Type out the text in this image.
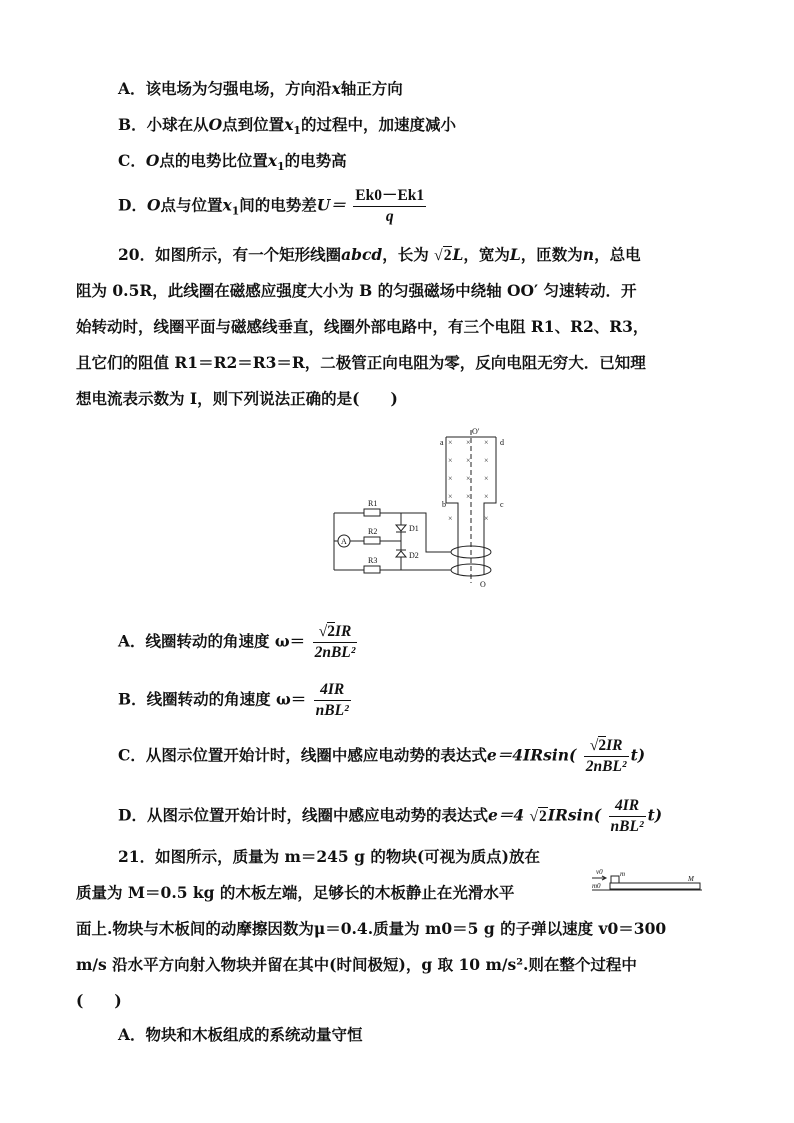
A．该电场为匀强电场，方向沿x轴正方向
B．小球在从O点到位置$x_1$的过程中，加速度减小
C．O点的电势比位置$x_1$的电势高
D．O点与位置$x_1$间的电势差$U= \frac{Ek0-Ek1}{q}$
20．如图所示，有一个矩形线圈abcd，长为 √2L，宽为L，匝数为n，总电
阻为 0.5R，此线圈在磁感应强度大小为 B 的匀强磁场中绕轴 OO′ 匀速转动．开
始转动时，线圈平面与磁感线垂直，线圈外部电路中，有三个电阻 R1、R2、R3，
且它们的阻值 R1＝R2＝R3＝R，二极管正向电阻为零，反向电阻无穷大．已知理
想电流表示数为 I，则下列说法正确的是(　　)
O′
O
a
b	c
d
R1
R2
R3
D1
D2
A
× × ×
× × ×
× × ×
× × ×
×	×
A．线圈转动的角速度 $\omega= \frac{√2IR}{\text{2nBL²}}$
B．线圈转动的角速度 $\omega= \frac{4IR}{\text{nBL²}}$
C．从图示位置开始计时，线圈中感应电动势的表达式$e=4IRsin( \frac{√2IR}{\text{2nBL²}} t)$
D．从图示位置开始计时，线圈中感应电动势的表达式e＝4 $√2IRsin( \frac{4IR}{\text{nBL²}} t)$
21．如图所示，质量为 m＝245 g 的物块(可视为质点)放在
质量为 M＝0.5 kg 的木板左端，足够长的木板静止在光滑水平
面上.物块与木板间的动摩擦因数为μ＝0.4.质量为 m0＝5 g 的子弹以速度 v0＝300
m/s 沿水平方向射入物块并留在其中(时间极短)，g 取 10 m/s².则在整个过程中
(　　)
v0 m
m0
M
A．物块和木板组成的系统动量守恒
